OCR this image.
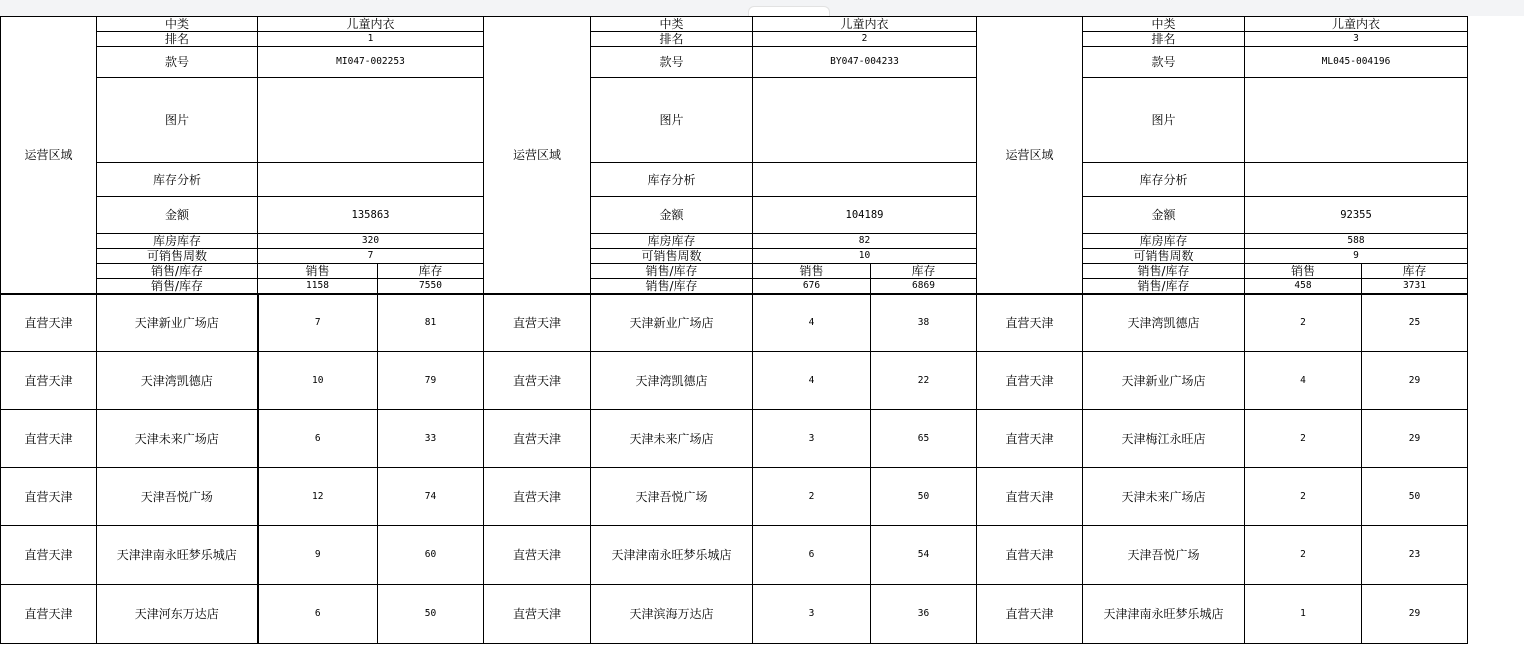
运营区域	中类	儿童内衣		运营区域	中类	儿童内衣		运营区域	中类	儿童内衣	
	排名	1			排名	2			排名	3	
	款号	MI047-002253			款号	BY047-004233			款号	ML045-004196	
	图片				图片				图片		
	库存分析				库存分析				库存分析		
	金额	135863			金额	104189			金额	92355	
	库房库存	320			库房库存	82			库房库存	588	
	可销售周数	7			可销售周数	10			可销售周数	9	
	销售/库存	销售	库存		销售/库存	销售	库存		销售/库存	销售	库存
	销售/库存	1158	7550		销售/库存	676	6869		销售/库存	458	3731
直营天津	天津新业广场店	7	81	直营天津	天津新业广场店	4	38	直营天津	天津湾凯德店	2	25
直营天津	天津湾凯德店	10	79	直营天津	天津湾凯德店	4	22	直营天津	天津新业广场店	4	29
直营天津	天津未来广场店	6	33	直营天津	天津未来广场店	3	65	直营天津	天津梅江永旺店	2	29
直营天津	天津吾悦广场	12	74	直营天津	天津吾悦广场	2	50	直营天津	天津未来广场店	2	50
直营天津	天津津南永旺梦乐城店	9	60	直营天津	天津津南永旺梦乐城店	6	54	直营天津	天津吾悦广场	2	23
直营天津	天津河东万达店	6	50	直营天津	天津滨海万达店	3	36	直营天津	天津津南永旺梦乐城店	1	29
